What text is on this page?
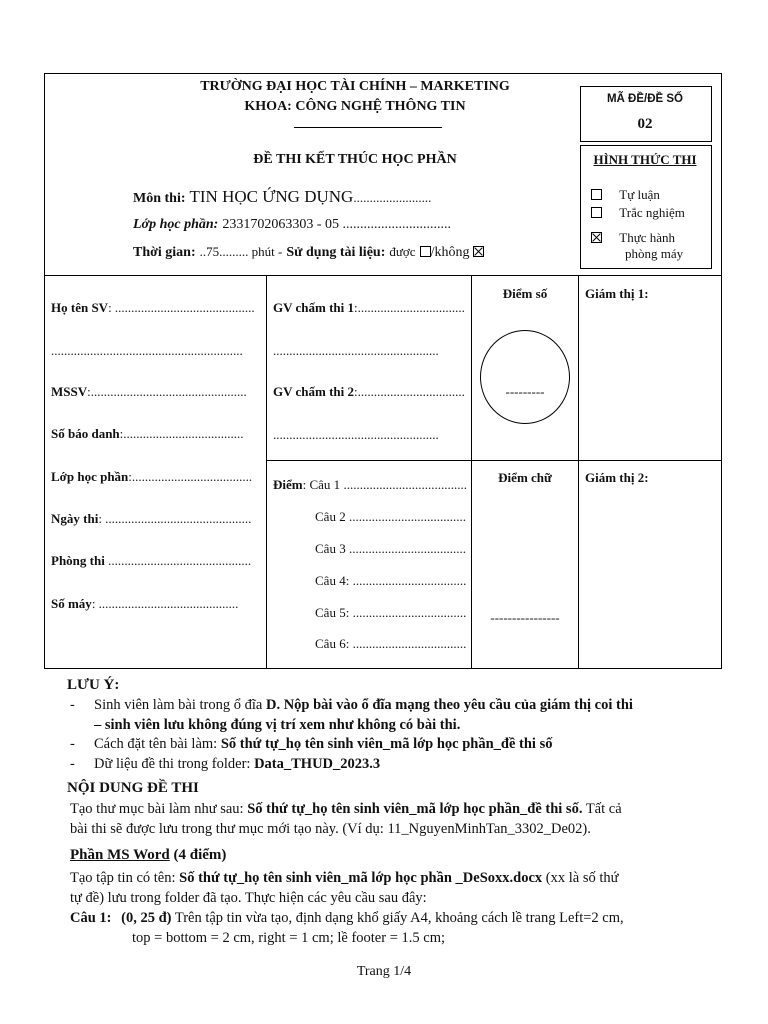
TRƯỜNG ĐẠI HỌC TÀI CHÍNH – MARKETING
KHOA: CÔNG NGHỆ THÔNG TIN
ĐỀ THI KẾT THÚC HỌC PHẦN
Môn thi: TIN HỌC ỨNG DỤNG........................
Lớp học phần: 2331702063303 - 05 ...............................
Thời gian: ..75......... phút - Sử dụng tài liệu: được /không
MÃ ĐỀ/ĐỀ SỐ
02
HÌNH THỨC THI
Tự luận
Trắc nghiệm
Thực hành
phòng máy
Họ tên SV: ...........................................
...........................................................
MSSV:................................................
Số báo danh:.....................................
Lớp học phần:.....................................
Ngày thi: .............................................
Phòng thi ............................................
Số máy: ...........................................
GV chấm thi 1:.................................
...................................................
GV chấm thi 2:.................................
...................................................
Điểm: Câu 1 ......................................
Câu 2 ....................................
Câu 3 ....................................
Câu 4: ...................................
Câu 5: ...................................
Câu 6: ...................................
Điểm số
---------
Điểm chữ
----------------
Giám thị 1:
Giám thị 2:
LƯU Ý:
- Sinh viên làm bài trong ổ đĩa D. Nộp bài vào ổ đĩa mạng theo yêu cầu của giám thị coi thi
– sinh viên lưu không đúng vị trí xem như không có bài thi.
- Cách đặt tên bài làm: Số thứ tự_họ tên sinh viên_mã lớp học phần_đề thi số
- Dữ liệu đề thi trong folder: Data_THUD_2023.3
NỘI DUNG ĐỀ THI
Tạo thư mục bài làm như sau: Số thứ tự_họ tên sinh viên_mã lớp học phần_đề thi số. Tất cả
bài thi sẽ được lưu trong thư mục mới tạo này. (Ví dụ: 11_NguyenMinhTan_3302_De02).
Phần MS Word (4 điểm)
Tạo tập tin có tên: Số thứ tự_họ tên sinh viên_mã lớp học phần _DeSoxx.docx (xx là số thứ
tự đề) lưu trong folder đã tạo. Thực hiện các yêu cầu sau đây:
Câu 1: (0, 25 đ) Trên tập tin vừa tạo, định dạng khổ giấy A4, khoảng cách lề trang Left=2 cm,
top = bottom = 2 cm, right = 1 cm; lề footer = 1.5 cm;
Trang 1/4
